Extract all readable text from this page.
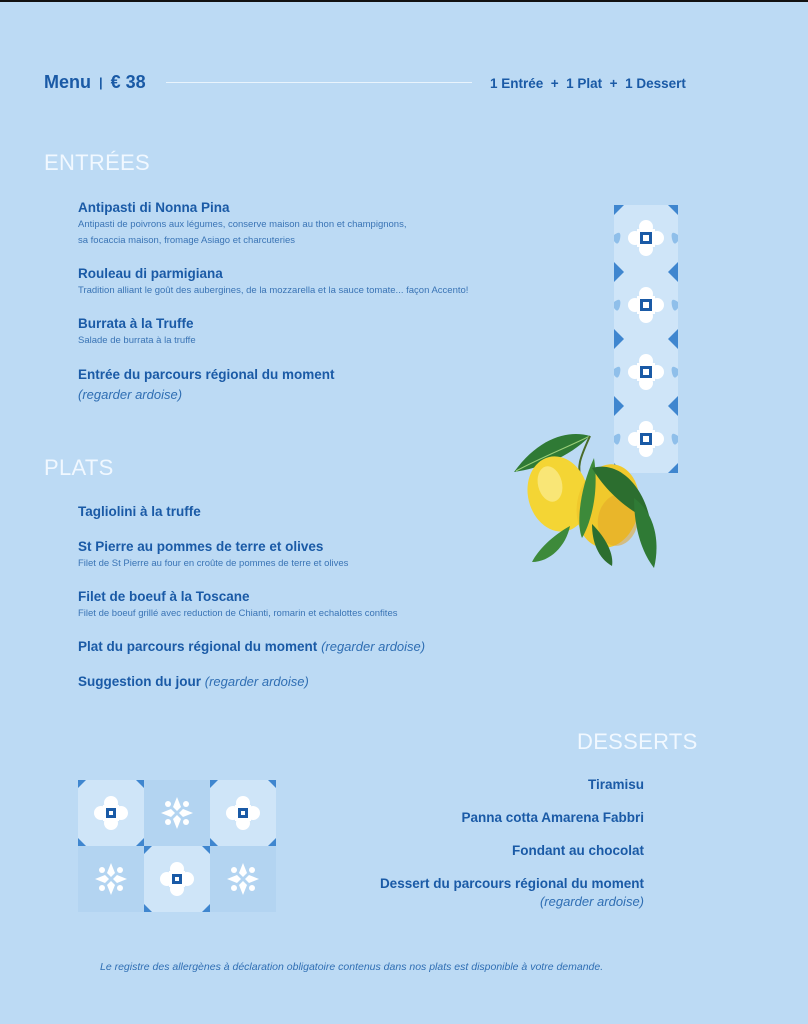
Menu | € 38	1 Entrée  +  1 Plat  +  1 Dessert
ENTRÉES
Antipasti di Nonna Pina
Antipasti de poivrons aux légumes, conserve maison au thon et champignons,
sa focaccia maison, fromage Asiago et charcuteries
Rouleau di parmigiana
Tradition alliant le goût des aubergines, de la mozzarella et la sauce tomate... façon Accento!
Burrata à la Truffe
Salade de burrata à la truffe
Entrée du parcours régional du moment
(regarder ardoise)
PLATS
Tagliolini à la truffe
St Pierre au pommes de terre et olives
Filet de St Pierre au four en croûte de pommes de terre et olives
Filet de boeuf à la Toscane
Filet de boeuf grillé avec reduction de Chianti, romarin et echalottes confites
Plat du parcours régional du moment (regarder ardoise)
Suggestion du jour (regarder ardoise)
DESSERTS
Tiramisu
Panna cotta Amarena Fabbri
Fondant au chocolat
Dessert du parcours régional du moment
(regarder ardoise)
Le registre des allergènes à déclaration obligatoire contenus dans nos plats est disponible à votre demande.
